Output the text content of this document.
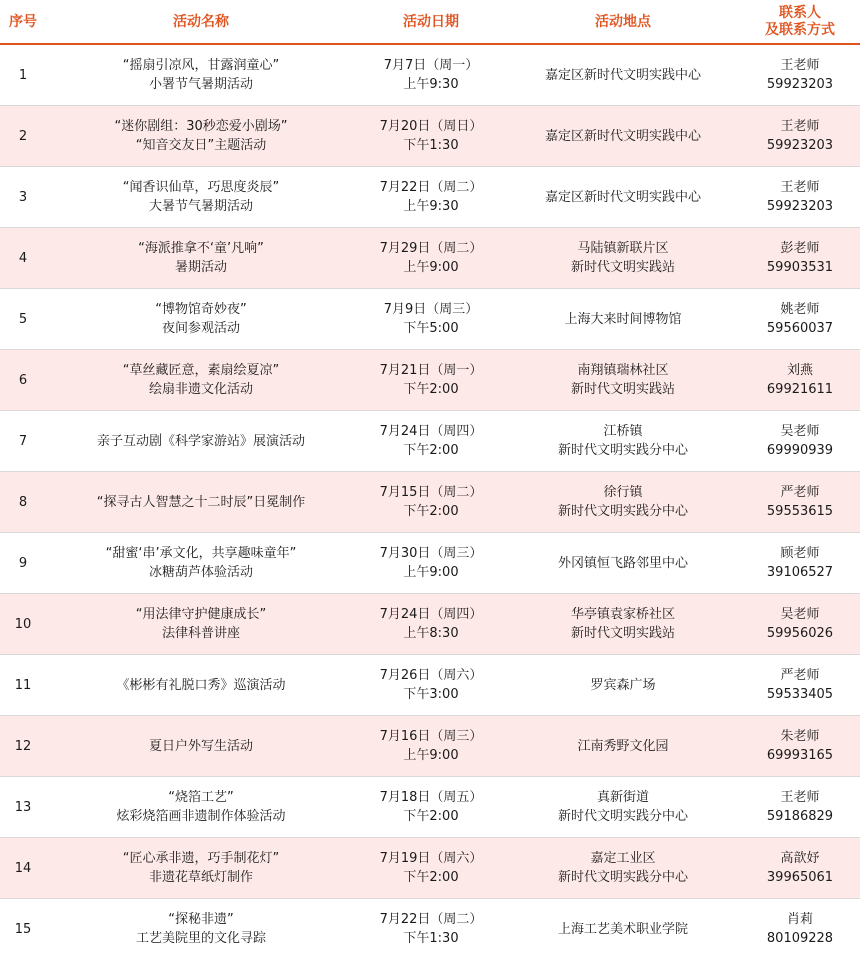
序号	活动名称	活动日期	活动地点	联系人
及联系方式

1	“摇扇引凉风，甘露润童心”
小署节气暑期活动	7月7日（周一）
上午9:30	嘉定区新时代文明实践中心	王老师
59923203

2	“迷你剧组：30秒恋爱小剧场”
“知音交友日”主题活动	7月20日（周日）
下午1:30	嘉定区新时代文明实践中心	王老师
59923203

3	“闻香识仙草，巧思度炎辰”
大暑节气暑期活动	7月22日（周二）
上午9:30	嘉定区新时代文明实践中心	王老师
59923203

4	“海派推拿不‘童’凡响”
暑期活动	7月29日（周二）
上午9:00	马陆镇新联片区
新时代文明实践站	彭老师
59903531

5	“博物馆奇妙夜”
夜间参观活动	7月9日（周三）
下午5:00	上海大来时间博物馆	姚老师
59560037

6	“草丝藏匠意，素扇绘夏凉”
绘扇非遗文化活动	7月21日（周一）
下午2:00	南翔镇瑞林社区
新时代文明实践站	刘燕
69921611

7	亲子互动剧《科学家游站》展演活动	7月24日（周四）
下午2:00	江桥镇
新时代文明实践分中心	吴老师
69990939

8	“探寻古人智慧之十二时辰”日冕制作	7月15日（周二）
下午2:00	徐行镇
新时代文明实践分中心	严老师
59553615

9	“甜蜜‘串’承文化，共享趣味童年”
冰糖葫芦体验活动	7月30日（周三）
上午9:00	外冈镇恒飞路邻里中心	顾老师
39106527

10	“用法律守护健康成长”
法律科普讲座	7月24日（周四）
上午8:30	华亭镇袁家桥社区
新时代文明实践站	吴老师
59956026

11	《彬彬有礼脱口秀》巡演活动	7月26日（周六）
下午3:00	罗宾森广场	严老师
59533405

12	夏日户外写生活动	7月16日（周三）
上午9:00	江南秀野文化园	朱老师
69993165

13	“烧箔工艺”
炫彩烧箔画非遗制作体验活动	7月18日（周五）
下午2:00	真新街道
新时代文明实践分中心	王老师
59186829

14	“匠心承非遗，巧手制花灯”
非遗花草纸灯制作	7月19日（周六）
下午2:00	嘉定工业区
新时代文明实践分中心	高歆妤
39965061

15	“探秘非遗”
工艺美院里的文化寻踪	7月22日（周二）
下午1:30	上海工艺美术职业学院	肖莉
80109228
